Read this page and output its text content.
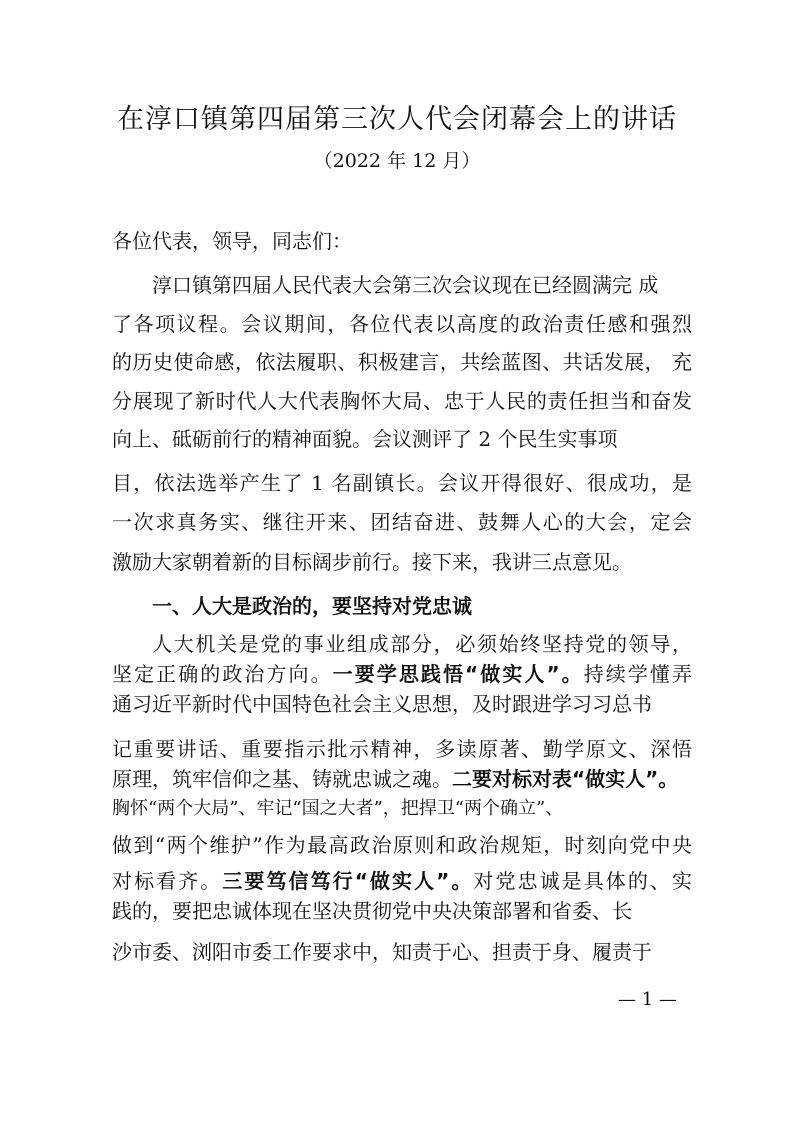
在淳口镇第四届第三次人代会闭幕会上的讲话
（2022 年 12 月）
各位代表，领导，同志们：
淳口镇第四届人民代表大会第三次会议现在已经圆满完 成
了各项议程。会议期间，各位代表以高度的政治责任感和强烈
的历史使命感，依法履职、积极建言，共绘蓝图、共话发展， 充
分展现了新时代人大代表胸怀大局、忠于人民的责任担当和奋发
向上、砥砺前行的精神面貌。会议测评了 2 个民生实事项
目，依法选举产生了 1 名副镇长。会议开得很好、很成功，是
一次求真务实、继往开来、团结奋进、鼓舞人心的大会，定会
激励大家朝着新的目标阔步前行。接下来，我讲三点意见。
一、人大是政治的，要坚持对党忠诚
人大机关是党的事业组成部分，必须始终坚持党的领导，
坚定正确的政治方向。一要学思践悟“做实人”。持续学懂弄
通习近平新时代中国特色社会主义思想，及时跟进学习习总书
记重要讲话、重要指示批示精神，多读原著、勤学原文、深悟
原理，筑牢信仰之基、铸就忠诚之魂。二要对标对表“做实人”。
胸怀“两个大局”、牢记“国之大者”，把捍卫“两个确立”、
做到“两个维护”作为最高政治原则和政治规矩，时刻向党中央
对标看齐。三要笃信笃行“做实人”。对党忠诚是具体的、实
践的，要把忠诚体现在坚决贯彻党中央决策部署和省委、长
沙市委、浏阳市委工作要求中，知责于心、担责于身、履责于
— 1 —
